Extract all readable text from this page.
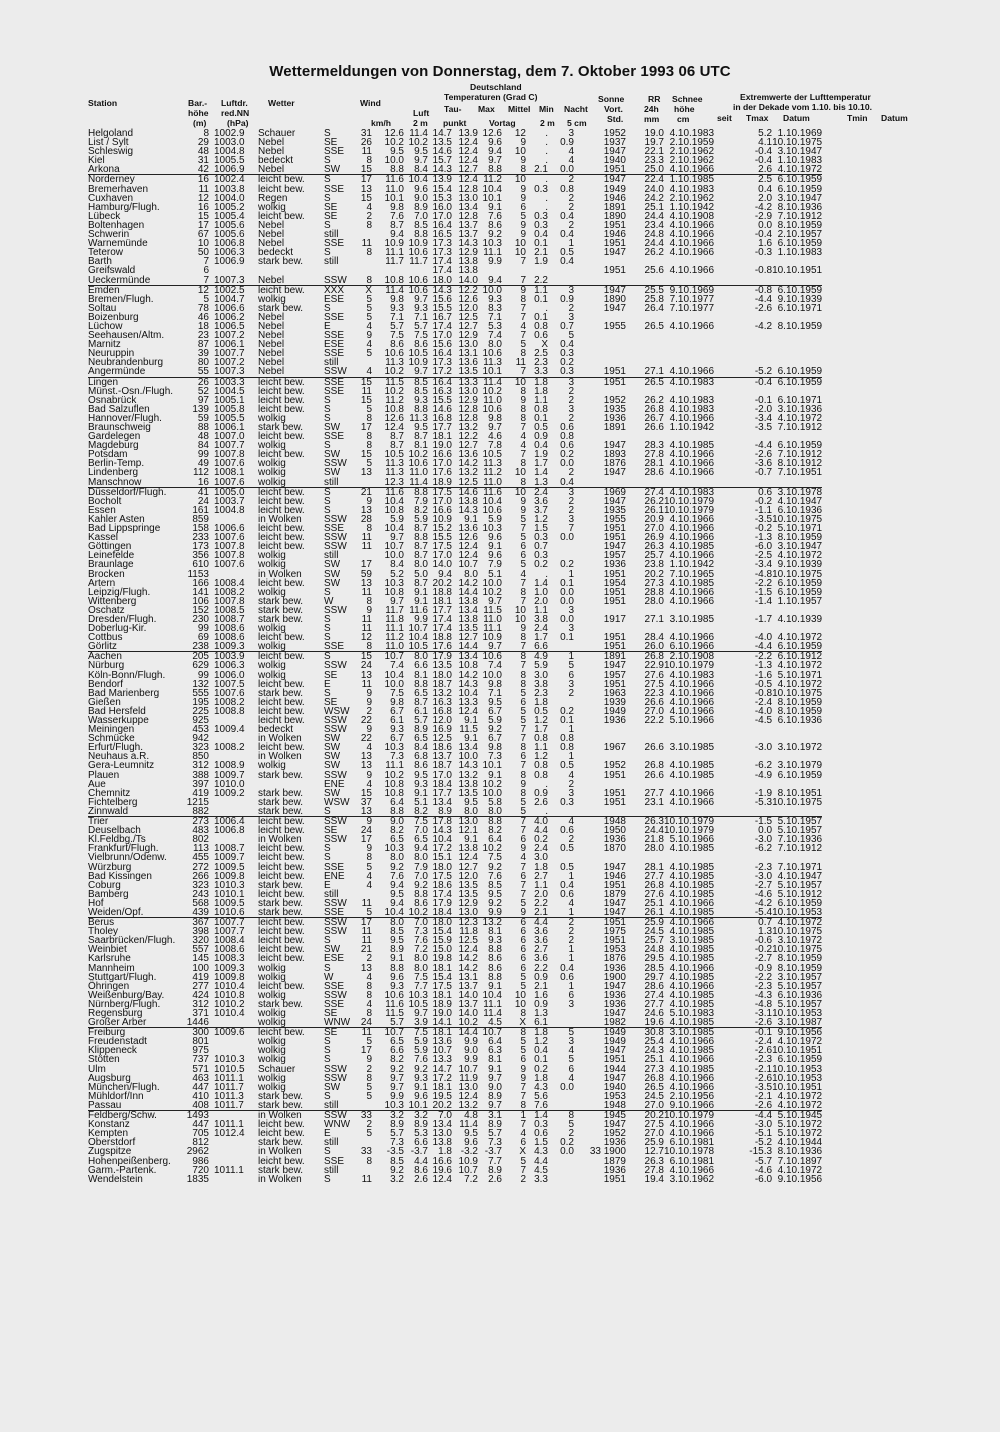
Wettermeldungen von Donnerstag, dem 7. Oktober 1993 06 UTC
Station	Bar.-
höhe
(m)
Luftdr.
red.NN
(hPa)
Wetter	Wind
km/h
Deutschland
Temperaturen (Grad C)
Luft
2 m
Tau-
punkt
Max Mittel
Vortag
Min
2 m
Nacht
5 cm
Sonne
Vort.
Std.
RR
24h
mm
Schnee
höhe
cm
Extremwerte der Lufttemperatur
in der Dekade vom 1.10. bis 10.10.
seit Tmax Datum	Tmin Datum
Helgoland	8	1002.9	Schauer	S	31	12.6	11.4	14.7	13.9	12.6	12	.	3		1952	19.0	4.10.1983	5.2	1.10.1969
List / Sylt	29	1003.0	Nebel	SE	26	10.2	10.2	13.5	12.4	9.6	9	.	0.9		1937	19.7	2.10.1959	4.1	10.10.1975
Schleswig	48	1004.8	Nebel	SSE	11	9.5	9.5	14.6	12.4	9.4	10	.	4		1947	22.1	2.10.1962	-0.4	3.10.1947
Kiel	31	1005.5	bedeckt	S	8	10.0	9.7	15.7	12.4	9.7	9	.	4		1940	23.3	2.10.1962	-0.4	1.10.1983
Arkona	42	1006.9	Nebel	SW	15	8.8	8.4	14.3	12.7	8.8	8	2.1	0.0		1951	25.0	4.10.1966	2.6	4.10.1972
Norderney	16	1002.4	leicht bew.	S	17	11.6	10.4	13.9	12.4	11.2	10	.	2		1947	22.4	1.10.1985	2.5	6.10.1959
Bremerhaven	11	1003.8	leicht bew.	SSE	13	11.0	9.6	15.4	12.8	10.4	9	0.3	0.8		1949	24.0	4.10.1983	0.4	6.10.1959
Cuxhaven	12	1004.0	Regen	S	15	10.1	9.0	15.3	13.0	10.1	9	.	2		1946	24.2	2.10.1962	2.0	3.10.1947
Hamburg/Flugh.	16	1005.2	wolkig	SE	4	9.8	8.9	16.0	13.4	9.1	6	.	2		1891	25.1	1.10.1942	-4.2	8.10.1936
Lübeck	15	1005.4	leicht bew.	SE	2	7.6	7.0	17.0	12.8	7.6	5	0.3	0.4		1890	24.4	4.10.1908	-2.9	7.10.1912
Boltenhagen	17	1005.6	Nebel	S	8	8.7	8.5	16.4	13.7	8.6	9	0.3	2		1951	23.4	4.10.1966	0.0	8.10.1959
Schwerin	67	1005.6	Nebel	still		9.4	8.8	16.5	13.7	9.2	9	0.4	0.4		1946	24.8	4.10.1966	-0.4	2.10.1957
Warnemünde	10	1006.8	Nebel	SSE	11	10.9	10.9	17.3	14.3	10.3	10	0.1	1		1951	24.4	4.10.1966	1.6	6.10.1959
Teterow	50	1006.3	bedeckt	S	8	11.1	10.6	17.3	12.9	11.1	10	2.1	0.5		1947	26.2	4.10.1966	-0.3	1.10.1983
Barth	7	1006.9	stark bew.	still		11.7	11.7	17.4	13.8	9.9	7	1.9	0.4						
Greifswald	6							17.4	13.8						1951	25.6	4.10.1966	-0.8	10.10.1951
Ueckermünde	7	1007.3	Nebel	SSW	8	10.8	10.6	18.0	14.0	9.4	7	2.2							
Emden	12	1002.5	leicht bew.	XXX	X	11.4	10.6	14.3	12.2	10.0	9	1.1	3		1947	25.5	9.10.1969	-0.8	6.10.1959
Bremen/Flugh.	5	1004.7	wolkig	ESE	5	9.8	9.7	15.6	12.6	9.3	8	0.1	0.9		1890	25.8	7.10.1977	-4.4	9.10.1939
Soltau	78	1006.6	stark bew.	S	5	9.3	9.3	15.5	12.0	8.3	7	.	2		1947	26.4	7.10.1977	-2.6	6.10.1971
Boizenburg	46	1006.2	Nebel	SSE	5	7.1	7.1	16.7	12.5	7.1	7	0.1	3						
Lüchow	18	1006.5	Nebel	E	4	5.7	5.7	17.4	12.7	5.3	4	0.8	0.7		1955	26.5	4.10.1966	-4.2	8.10.1959
Seehausen/Altm.	23	1007.2	Nebel	SSE	9	7.5	7.5	17.0	12.9	7.4	7	0.6	5						
Marnitz	87	1006.1	Nebel	ESE	4	8.6	8.6	15.6	13.0	8.0	5	X	0.4						
Neuruppin	39	1007.7	Nebel	SSE	5	10.6	10.5	16.4	13.1	10.6	8	2.5	0.3						
Neubrandenburg	80	1007.2	Nebel	still		11.3	10.9	17.3	13.6	11.3	11	2.3	0.2						
Angermünde	55	1007.3	Nebel	SSW	4	10.2	9.7	17.2	13.5	10.1	7	3.3	0.3		1951	27.1	4.10.1966	-5.2	6.10.1959
Lingen	26	1003.3	leicht bew.	SSE	15	11.5	8.5	16.4	13.3	11.4	10	1.8	3		1951	26.5	4.10.1983	-0.4	6.10.1959
Münst.-Osn./Flugh.	52	1004.5	leicht bew.	SSE	11	10.2	8.5	16.3	13.0	10.2	8	1.8	2						
Osnabrück	97	1005.1	leicht bew.	S	15	11.2	9.3	15.5	12.9	11.0	9	1.1	2		1952	26.2	4.10.1983	-0.1	6.10.1971
Bad Salzuflen	139	1005.8	leicht bew.	S	5	10.8	8.8	14.6	12.8	10.6	8	0.8	3		1935	26.8	4.10.1983	-2.0	3.10.1936
Hannover/Flugh.	59	1005.5	wolkig	S	8	12.6	11.3	16.8	12.8	9.8	8	0.1	2		1936	26.7	4.10.1966	-3.4	4.10.1972
Braunschweig	88	1006.1	stark bew.	SW	17	12.4	9.5	17.7	13.2	9.7	7	0.5	0.6		1891	26.6	1.10.1942	-3.5	7.10.1912
Gardelegen	48	1007.0	leicht bew.	SSE	8	8.7	8.7	18.1	12.2	4.6	4	0.9	0.8						
Magdeburg	84	1007.7	wolkig	S	8	8.7	8.1	19.0	12.7	7.8	4	0.4	0.6		1947	28.3	4.10.1985	-4.4	6.10.1959
Potsdam	99	1007.8	leicht bew.	SW	15	10.5	10.2	16.6	13.6	10.5	7	1.9	0.2		1893	27.8	4.10.1966	-2.6	7.10.1912
Berlin-Temp.	49	1007.6	wolkig	SSW	5	11.3	10.6	17.0	14.2	11.3	8	1.7	0.0		1876	28.1	4.10.1966	-3.6	8.10.1912
Lindenberg	112	1008.1	wolkig	SW	13	11.3	11.0	17.6	13.2	11.2	10	1.4	2		1947	28.6	4.10.1966	-0.7	7.10.1951
Manschnow	16	1007.6	wolkig	still		12.3	11.4	18.9	12.5	11.0	8	1.3	0.4						
Düsseldorf/Flugh.	41	1005.0	leicht bew.	S	21	11.6	8.8	17.5	14.6	11.6	10	2.4	3		1969	27.4	4.10.1983	0.6	3.10.1978
Bocholt	24	1003.7	leicht bew.	S	9	10.4	7.9	17.0	13.8	10.4	9	3.6	2		1947	26.2	10.10.1979	-0.2	4.10.1947
Essen	161	1004.8	leicht bew.	S	13	10.8	8.2	16.6	14.3	10.6	9	3.7	2		1935	26.1	10.10.1979	-1.1	6.10.1936
Kahler Asten	859		in Wolken	SSW	28	5.9	5.9	10.9	9.1	5.9	5	1.2	3		1955	20.9	4.10.1966	-3.5	10.10.1975
Bad Lippspringe	158	1006.6	leicht bew.	SSE	8	10.4	8.7	15.2	13.6	10.3	7	1.5	7		1951	27.0	4.10.1966	-0.2	5.10.1971
Kassel	233	1007.6	leicht bew.	SSW	11	9.7	8.8	15.5	12.6	9.6	5	0.3	0.0		1951	26.9	4.10.1966	-1.3	8.10.1959
Göttingen	173	1007.8	leicht bew.	SSW	11	10.7	8.7	17.5	12.4	9.1	6	0.7			1947	26.3	4.10.1985	-6.0	3.10.1947
Leinefelde	356	1007.8	wolkig	still		10.0	8.7	17.0	12.4	9.6	6	0.3			1957	25.7	4.10.1966	-2.5	4.10.1972
Braunlage	610	1007.6	wolkig	SW	17	8.4	8.0	14.0	10.7	7.9	5	0.2	0.2		1936	23.8	1.10.1942	-3.4	9.10.1939
Brocken	1153		in Wolken	SW	59	5.2	5.0	9.4	8.0	5.1	4	.	1		1951	20.2	7.10.1965	-4.8	10.10.1975
Artern	166	1008.4	leicht bew.	SW	13	10.3	8.7	20.2	14.2	10.0	7	1.4	0.1		1954	27.3	4.10.1985	-2.2	6.10.1959
Leipzig/Flugh.	141	1008.2	wolkig	S	11	10.8	9.1	18.8	14.4	10.2	8	1.0	0.0		1951	28.8	4.10.1966	-1.5	6.10.1959
Wittenberg	106	1007.8	stark bew.	W	8	9.7	9.1	18.1	13.8	9.7	7	2.0	0.0		1951	28.0	4.10.1966	-1.4	1.10.1957
Oschatz	152	1008.5	stark bew.	SSW	9	11.7	11.6	17.7	13.4	11.5	10	1.1	3						
Dresden/Flugh.	230	1008.7	stark bew.	S	11	11.8	9.9	17.4	13.8	11.0	10	3.8	0.0		1917	27.1	3.10.1985	-1.7	4.10.1939
Doberlug-Kir.	99	1008.6	wolkig	S	11	11.1	10.7	17.4	13.5	11.1	9	2.4	3						
Cottbus	69	1008.6	leicht bew.	S	12	11.2	10.4	18.8	12.7	10.9	8	1.7	0.1		1951	28.4	4.10.1966	-4.0	4.10.1972
Görlitz	238	1009.3	wolkig	SSE	8	11.0	10.5	17.6	14.4	9.7	7	6.6			1951	26.0	6.10.1966	-4.4	6.10.1959
Aachen	205	1003.9	leicht bew.	S	15	10.7	8.0	17.9	13.4	10.6	8	4.9	1		1891	26.8	2.10.1908	-2.2	6.10.1912
Nürburg	629	1006.3	wolkig	SSW	24	7.4	6.6	13.5	10.8	7.4	7	5.9	5		1947	22.9	10.10.1979	-1.3	4.10.1972
Köln-Bonn/Flugh.	99	1006.0	wolkig	SE	13	10.4	8.1	18.0	14.2	10.0	8	3.0	6		1957	27.6	4.10.1983	-1.6	5.10.1971
Bendorf	132	1007.5	leicht bew.	E	11	10.0	8.8	18.7	14.3	9.8	8	3.8	3		1951	27.5	4.10.1966	-0.5	4.10.1972
Bad Marienberg	555	1007.6	stark bew.	S	9	7.5	6.5	13.2	10.4	7.1	5	2.3	2		1963	22.3	4.10.1966	-0.8	10.10.1975
Gießen	195	1008.2	leicht bew.	SE	9	9.8	8.7	16.3	13.3	9.5	6	1.8			1939	26.6	4.10.1966	-2.4	8.10.1959
Bad Hersfeld	225	1008.8	leicht bew.	WSW	2	6.7	6.1	16.8	12.4	6.7	5	0.5	0.2		1949	27.0	4.10.1966	-4.0	8.10.1959
Wasserkuppe	925		leicht bew.	SSW	22	6.1	5.7	12.0	9.1	5.9	5	1.2	0.1		1936	22.2	5.10.1966	-4.5	6.10.1936
Meiningen	453	1009.4	bedeckt	SSW	9	9.3	8.9	16.9	11.5	9.2	7	1.7	1						
Schmücke	942		in Wolken	SW	22	6.7	6.5	12.5	9.1	6.7	7	0.8	0.8						
Erfurt/Flugh.	323	1008.2	leicht bew.	SW	4	10.3	8.4	18.6	13.4	9.8	8	1.1	0.8		1967	26.6	3.10.1985	-3.0	3.10.1972
Neuhaus a.R.	850		in Wolken	SW	13	7.3	6.8	13.7	10.0	7.3	6	1.2	1						
Gera-Leumnitz	312	1008.9	wolkig	SW	13	11.1	8.6	18.7	14.3	10.1	7	0.8	0.5		1952	26.8	4.10.1985	-6.2	3.10.1979
Plauen	388	1009.7	stark bew.	SSW	9	10.2	9.5	17.0	13.2	9.1	8	0.8	4		1951	26.6	4.10.1985	-4.9	6.10.1959
Aue	397	1010.0		ENE	4	10.8	9.3	18.4	13.8	10.2	9	.	2						
Chemnitz	419	1009.2	stark bew.	SW	15	10.8	9.1	17.7	13.5	10.0	8	0.9	3		1951	27.7	4.10.1966	-1.9	8.10.1951
Fichtelberg	1215		stark bew.	WSW	37	6.4	5.1	13.4	9.5	5.8	5	2.6	0.3		1951	23.1	4.10.1966	-5.3	10.10.1975
Zinnwald	882		stark bew.	S	13	8.8	8.2	8.9	8.0	8.0	5	.							
Trier	273	1006.4	leicht bew.	SSW	9	9.0	7.5	17.8	13.0	8.8	7	4.0	4		1948	26.3	10.10.1979	-1.5	5.10.1957
Deuselbach	483	1006.8	leicht bew.	SE	24	8.2	7.0	14.3	12.1	8.2	7	4.4	0.6		1950	24.4	10.10.1979	0.0	5.10.1957
Kl.Feldbg./Ts	802		in Wolken	SSW	17	6.5	6.5	10.4	9.1	6.4	6	0.2	2		1936	21.8	5.10.1966	-3.0	7.10.1936
Frankfurt/Flugh.	113	1008.7	leicht bew.	S	9	10.3	9.4	17.2	13.8	10.2	9	2.4	0.5		1870	28.0	4.10.1985	-6.2	7.10.1912
Vielbrunn/Odenw.	455	1009.7	leicht bew.	S	8	8.0	8.0	15.1	12.4	7.5	4	3.0							
Würzburg	272	1009.5	leicht bew.	SSE	5	9.2	7.9	18.0	12.7	9.2	7	1.8	0.5		1947	28.1	4.10.1985	-2.3	7.10.1971
Bad Kissingen	266	1009.8	leicht bew.	ENE	4	7.6	7.0	17.5	12.0	7.6	6	2.7	1		1946	27.7	4.10.1985	-3.0	4.10.1947
Coburg	323	1010.3	stark bew.	E	4	9.4	9.2	18.6	13.5	8.5	7	1.1	0.4		1951	26.8	4.10.1985	-2.7	5.10.1957
Bamberg	243	1010.1	leicht bew.	still		9.5	8.8	17.4	13.5	9.5	7	2.0	0.6		1879	27.6	4.10.1985	-4.6	5.10.1912
Hof	568	1009.5	stark bew.	SSW	11	9.4	8.6	17.9	12.9	9.2	5	2.2	4		1947	25.1	4.10.1966	-4.2	6.10.1959
Weiden/Opf.	439	1010.6	stark bew.	SSE	5	10.4	10.2	18.4	13.0	9.9	9	2.1	1		1947	26.1	4.10.1985	-5.4	10.10.1953
Berus	367	1007.7	leicht bew.	SSW	17	8.0	7.0	18.0	12.3	13.2	6	4.4	2		1951	25.9	4.10.1966	0.7	4.10.1972
Tholey	398	1007.7	leicht bew.	SSW	11	8.5	7.3	15.4	11.8	8.1	6	3.6	2		1975	24.5	4.10.1985	1.3	10.10.1975
Saarbrücken/Flugh.	320	1008.4	leicht bew.	S	11	9.5	7.6	15.9	12.5	9.3	6	3.6	2		1951	25.7	3.10.1985	-0.6	3.10.1972
Weinbiet	557	1008.6	leicht bew.	SW	21	8.9	7.2	15.0	12.4	8.8	6	2.7	1		1953	24.8	4.10.1985	-0.2	10.10.1975
Karlsruhe	145	1008.3	leicht bew.	ESE	2	9.1	8.0	19.8	14.2	8.6	6	3.6	1		1876	29.5	4.10.1985	-2.7	8.10.1959
Mannheim	100	1009.3	wolkig	S	13	8.8	8.0	18.1	14.2	8.6	6	2.2	0.4		1936	28.5	4.10.1966	-0.9	8.10.1959
Stuttgart/Flugh.	419	1009.8	wolkig	W	4	9.6	7.5	15.4	13.1	8.8	5	0.9	0.6		1900	29.7	4.10.1985	-2.2	3.10.1957
Öhringen	277	1010.4	leicht bew.	SSE	8	9.3	7.7	17.5	13.7	9.1	5	2.1	1		1947	28.6	4.10.1966	-2.3	5.10.1957
Weißenburg/Bay.	424	1010.8	wolkig	SSW	8	10.6	10.3	18.1	14.0	10.4	10	1.6	6		1936	27.4	4.10.1985	-4.3	6.10.1936
Nürnberg/Flugh.	312	1010.2	stark bew.	SSE	4	11.6	10.5	18.9	13.7	11.1	10	0.9	3		1936	27.7	4.10.1985	-4.8	5.10.1957
Regensburg	371	1010.4	wolkig	SE	8	11.5	9.7	19.0	14.0	11.4	8	1.3			1947	24.6	5.10.1983	-3.1	10.10.1953
Großer Arber	1446		wolkig	WNW	24	5.7	3.9	14.1	10.2	4.5	X	6.1			1982	19.6	4.10.1985	-2.6	3.10.1987
Freiburg	300	1009.6	leicht bew.	SE	11	10.7	7.5	18.1	14.4	10.7	8	1.8	5		1949	30.8	3.10.1985	-0.1	9.10.1956
Freudenstadt	801		wolkig	S	5	6.5	5.9	13.6	9.9	6.4	5	1.2	3		1949	25.4	4.10.1966	-2.4	4.10.1972
Klippeneck	975		wolkig	S	17	6.6	5.9	10.7	9.0	6.3	5	0.4	4		1947	24.3	4.10.1985	-2.6	10.10.1951
Stötten	737	1010.3	wolkig	S	9	8.2	7.6	13.3	9.9	8.1	6	0.1	5		1951	25.1	4.10.1966	-2.3	6.10.1959
Ulm	571	1010.5	Schauer	SSW	2	9.2	9.2	14.7	10.7	9.1	9	0.2	6		1944	27.3	4.10.1985	-2.1	10.10.1953
Augsburg	463	1011.1	wolkig	SSW	8	9.7	9.3	17.2	11.9	9.7	9	1.8	4		1947	26.8	4.10.1966	-2.6	10.10.1953
München/Flugh.	447	1011.7	wolkig	SW	5	9.7	9.1	18.1	13.0	9.0	7	4.3	0.0		1940	26.5	4.10.1966	-3.5	10.10.1951
Mühldorf/Inn	410	1011.3	stark bew.	S	5	9.9	9.6	19.5	12.4	8.9	7	5.6			1953	24.5	2.10.1956	-2.1	4.10.1972
Passau	408	1011.7	stark bew.	still		10.3	10.1	20.2	13.2	9.7	8	7.6			1948	27.0	9.10.1966	-2.6	4.10.1972
Feldberg/Schw.	1493		in Wolken	SSW	33	3.2	3.2	7.0	4.8	3.1	1	1.4	8		1945	20.2	10.10.1979	-4.4	5.10.1945
Konstanz	447	1011.1	leicht bew.	WNW	2	8.9	8.9	13.4	11.4	8.9	7	0.3	5		1947	27.5	4.10.1966	-3.0	5.10.1972
Kempten	705	1012.4	leicht bew.	E	5	5.7	5.3	13.0	9.5	5.7	4	0.6	2		1952	27.0	4.10.1966	-5.1	5.10.1972
Oberstdorf	812		stark bew.	still		7.3	6.6	13.8	9.6	7.3	6	1.5	0.2		1936	25.9	6.10.1981	-5.2	4.10.1944
Zugspitze	2962		in Wolken	S	33	-3.5	-3.7	1.8	-3.2	-3.7	X	4.3	0.0	33	1900	12.7	10.10.1978	-15.3	8.10.1936
Hohenpeißenberg.	986		leicht bew.	SSE	8	8.5	4.4	16.6	10.9	7.7	5	4.4			1879	26.3	6.10.1981	-5.7	7.10.1897
Garm.-Partenk.	720	1011.1	stark bew.	still		9.2	8.6	19.6	10.7	8.9	7	4.5			1936	27.8	4.10.1966	-4.6	4.10.1972
Wendelstein	1835		in Wolken	S	11	3.2	2.6	12.4	7.2	2.6	2	3.3			1951	19.4	3.10.1962	-6.0	9.10.1956
